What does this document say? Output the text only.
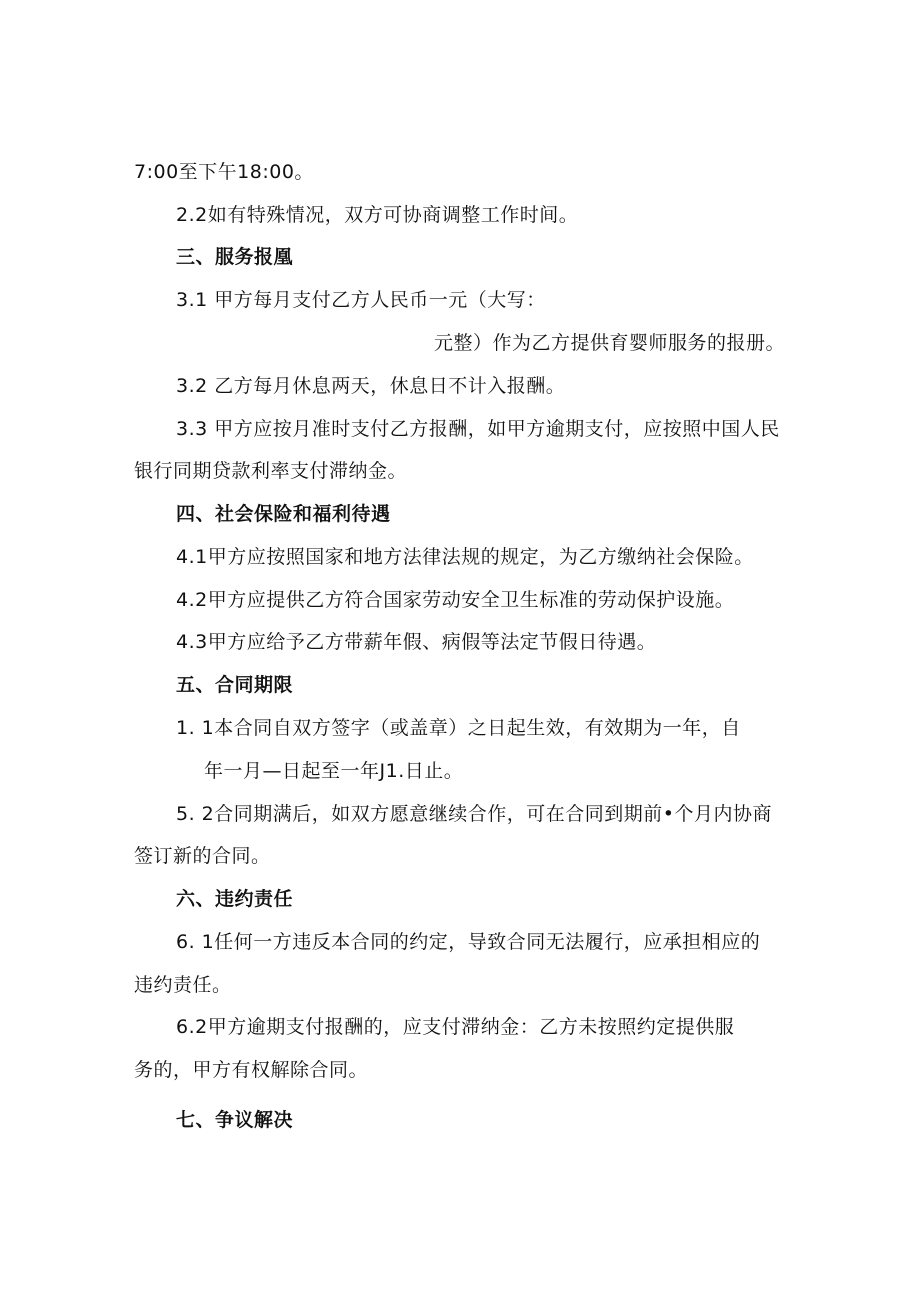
7:00至下午18:00。
2.2如有特殊情况，双方可协商调整工作时间。
三、服务报凰
3.1 甲方每月支付乙方人民币一元（大写：
元整）作为乙方提供育婴师服务的报册。
3.2 乙方每月休息两天，休息日不计入报酬。
3.3 甲方应按月准时支付乙方报酬，如甲方逾期支付，应按照中国人民
银行同期贷款利率支付滞纳金。
四、社会保险和福利待遇
4.1甲方应按照国家和地方法律法规的规定，为乙方缴纳社会保险。
4.2甲方应提供乙方符合国家劳动安全卫生标准的劳动保护设施。
4.3甲方应给予乙方带薪年假、病假等法定节假日待遇。
五、合同期限
1. 1本合同自双方签字（或盖章）之日起生效，有效期为一年，自
年一月—日起至一年J1.日止。
5. 2合同期满后，如双方愿意继续合作，可在合同到期前•个月内协商
签订新的合同。
六、违约责任
6. 1任何一方违反本合同的约定，导致合同无法履行，应承担相应的
违约责任。
6.2甲方逾期支付报酬的，应支付滞纳金：乙方未按照约定提供服
务的，甲方有权解除合同。
七、争议解决
